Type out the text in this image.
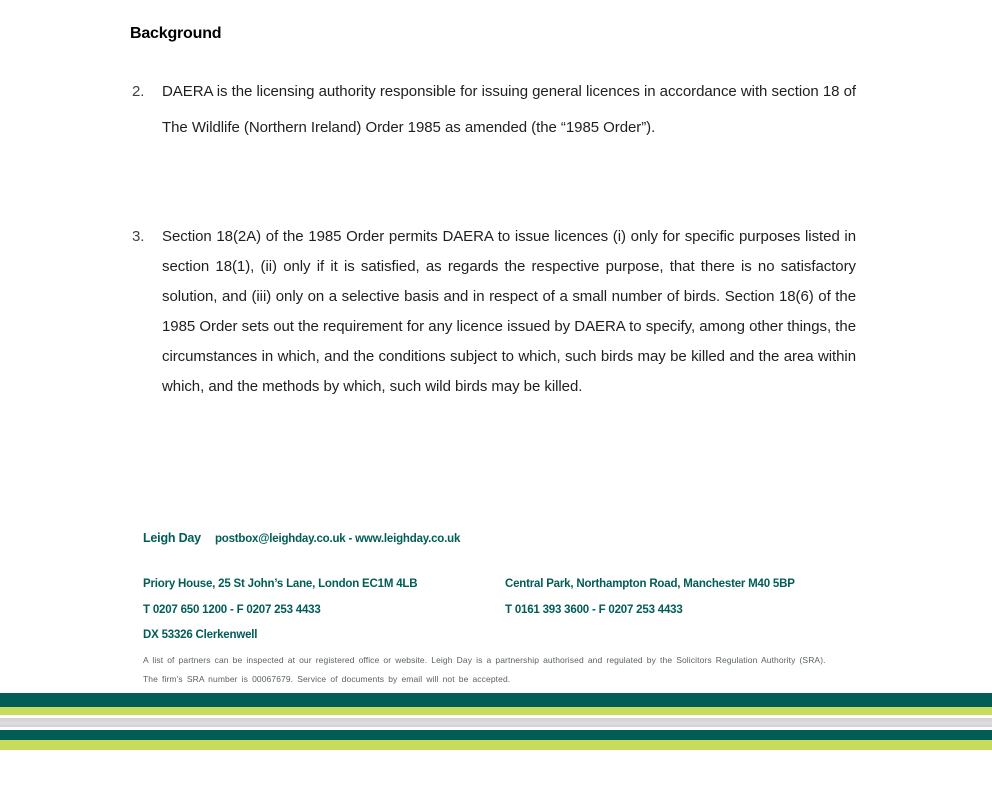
Background
2.	DAERA is the licensing authority responsible for issuing general licences in accordance with section 18 of The Wildlife (Northern Ireland) Order 1985 as amended (the “1985 Order”).
3.	Section 18(2A) of the 1985 Order permits DAERA to issue licences (i) only for specific purposes listed in section 18(1), (ii) only if it is satisfied, as regards the respective purpose, that there is no satisfactory solution, and (iii) only on a selective basis and in respect of a small number of birds. Section 18(6) of the 1985 Order sets out the requirement for any licence issued by DAERA to specify, among other things, the circumstances in which, and the conditions subject to which, such birds may be killed and the area within which, and the methods by which, such wild birds may be killed.
Leigh Day postbox@leighday.co.uk - www.leighday.co.uk
Priory House, 25 St John’s Lane, London EC1M 4LB
T 0207 650 1200 - F 0207 253 4433
DX 53326 Clerkenwell
Central Park, Northampton Road, Manchester M40 5BP
T 0161 393 3600 - F 0207 253 4433
A list of partners can be inspected at our registered office or website. Leigh Day is a partnership authorised and regulated by the Solicitors Regulation Authority (SRA).
The firm’s SRA number is 00067679. Service of documents by email will not be accepted.
